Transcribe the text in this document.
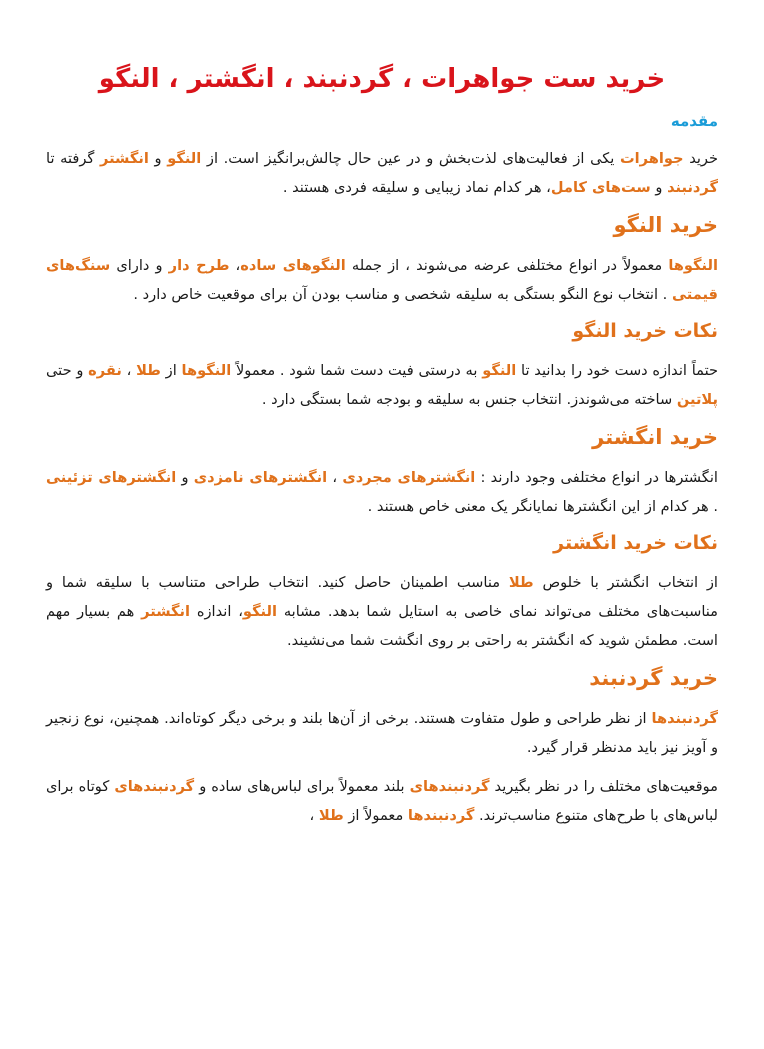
خرید ست جواهرات ، گردنبند ، انگشتر ، النگو
مقدمه

خرید جواهرات یکی از فعالیت‌های لذت‌بخش و در عین حال چالش‌برانگیز است. از النگو و انگشتر گرفته تا گردنبند و ست‌های کامل، هر کدام نماد زیبایی و سلیقه فردی هستند .

خرید النگو

النگوها معمولاً در انواع مختلفی عرضه می‌شوند ، از جمله النگوهای ساده، طرح دار و دارای سنگ‌های قیمتی . انتخاب نوع النگو بستگی به سلیقه شخصی و مناسب بودن آن برای موقعیت خاص دارد .

نکات خرید النگو

حتماً اندازه دست خود را بدانید تا النگو به درستی فیت دست شما شود . معمولاً النگوها از طلا ، نقره و حتی پلاتین ساخته می‌شوندز. انتخاب جنس به سلیقه و بودجه شما بستگی دارد .

خرید انگشتر

انگشترها در انواع مختلفی وجود دارند : انگشترهای مجردی ، انگشترهای نامزدی و انگشترهای تزئینی . هر کدام از این انگشترها نمایانگر یک معنی خاص هستند .

نکات خرید انگشتر

از انتخاب انگشتر با خلوص طلا مناسب اطمینان حاصل کنید. انتخاب طراحی متناسب با سلیقه شما و مناسبت‌های مختلف می‌تواند نمای خاصی به استایل شما بدهد. مشابه النگو، اندازه انگشتر هم بسیار مهم است. مطمئن شوید که انگشتر به راحتی بر روی انگشت شما می‌نشیند.

خرید گردنبند

گردنبندها از نظر طراحی و طول متفاوت هستند. برخی از آن‌ها بلند و برخی دیگر کوتاه‌اند. همچنین، نوع زنجیر و آویز نیز باید مدنظر قرار گیرد.

موقعیت‌های مختلف را در نظر بگیرید گردنبندهای بلند معمولاً برای لباس‌های ساده و گردنبندهای کوتاه برای لباس‌های با طرح‌های متنوع مناسب‌ترند. گردنبندها معمولاً از طلا ،
